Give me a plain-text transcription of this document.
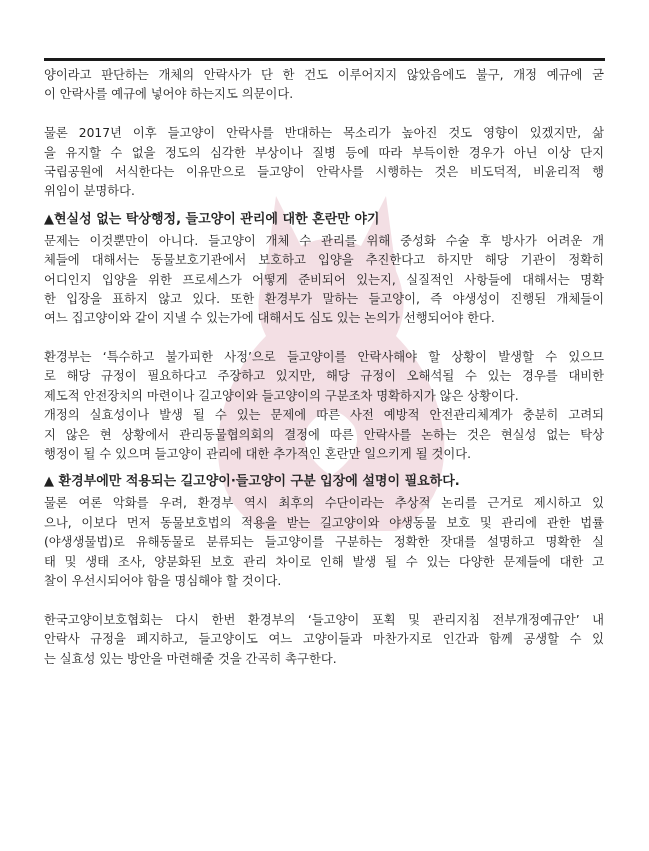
양이라고 판단하는 개체의 안락사가 단 한 건도 이루어지지 않았음에도 불구, 개정 예규에 굳
이 안락사를 예규에 넣어야 하는지도 의문이다.
물론 2017년 이후 들고양이 안락사를 반대하는 목소리가 높아진 것도 영향이 있겠지만, 삶
을 유지할 수 없을 정도의 심각한 부상이나 질병 등에 따라 부득이한 경우가 아닌 이상 단지
국립공원에 서식한다는 이유만으로 들고양이 안락사를 시행하는 것은 비도덕적, 비윤리적 행
위임이 분명하다.
▲현실성 없는 탁상행정, 들고양이 관리에 대한 혼란만 야기
문제는 이것뿐만이 아니다. 들고양이 개체 수 관리를 위해 중성화 수술 후 방사가 어려운 개
체들에 대해서는 동물보호기관에서 보호하고 입양을 추진한다고 하지만 해당 기관이 정확히
어디인지 입양을 위한 프로세스가 어떻게 준비되어 있는지, 실질적인 사항들에 대해서는 명확
한 입장을 표하지 않고 있다. 또한 환경부가 말하는 들고양이, 즉 야생성이 진행된 개체들이
여느 집고양이와 같이 지낼 수 있는가에 대해서도 심도 있는 논의가 선행되어야 한다.
환경부는 ‘특수하고 불가피한 사정’으로 들고양이를 안락사해야 할 상황이 발생할 수 있으므
로 해당 규정이 필요하다고 주장하고 있지만, 해당 규정이 오해석될 수 있는 경우를 대비한
제도적 안전장치의 마련이나 길고양이와 들고양이의 구분조차 명확하지가 않은 상황이다.
개정의 실효성이나 발생 될 수 있는 문제에 따른 사전 예방적 안전관리체계가 충분히 고려되
지 않은 현 상황에서 관리동물협의회의 결정에 따른 안락사를 논하는 것은 현실성 없는 탁상
행정이 될 수 있으며 들고양이 관리에 대한 추가적인 혼란만 일으키게 될 것이다.
▲ 환경부에만 적용되는 길고양이·들고양이 구분 입장에 설명이 필요하다.
물론 여론 악화를 우려, 환경부 역시 최후의 수단이라는 추상적 논리를 근거로 제시하고 있
으나, 이보다 먼저 동물보호법의 적용을 받는 길고양이와 야생동물 보호 및 관리에 관한 법률
(야생생물법)로 유해동물로 분류되는 들고양이를 구분하는 정확한 잣대를 설명하고 명확한 실
태 및 생태 조사, 양분화된 보호 관리 차이로 인해 발생 될 수 있는 다양한 문제들에 대한 고
찰이 우선시되어야 함을 명심해야 할 것이다.
한국고양이보호협회는 다시 한번 환경부의 ‘들고양이 포획 및 관리지침 전부개정예규안’ 내
안락사 규정을 폐지하고, 들고양이도 여느 고양이들과 마찬가지로 인간과 함께 공생할 수 있
는 실효성 있는 방안을 마련해줄 것을 간곡히 촉구한다.
